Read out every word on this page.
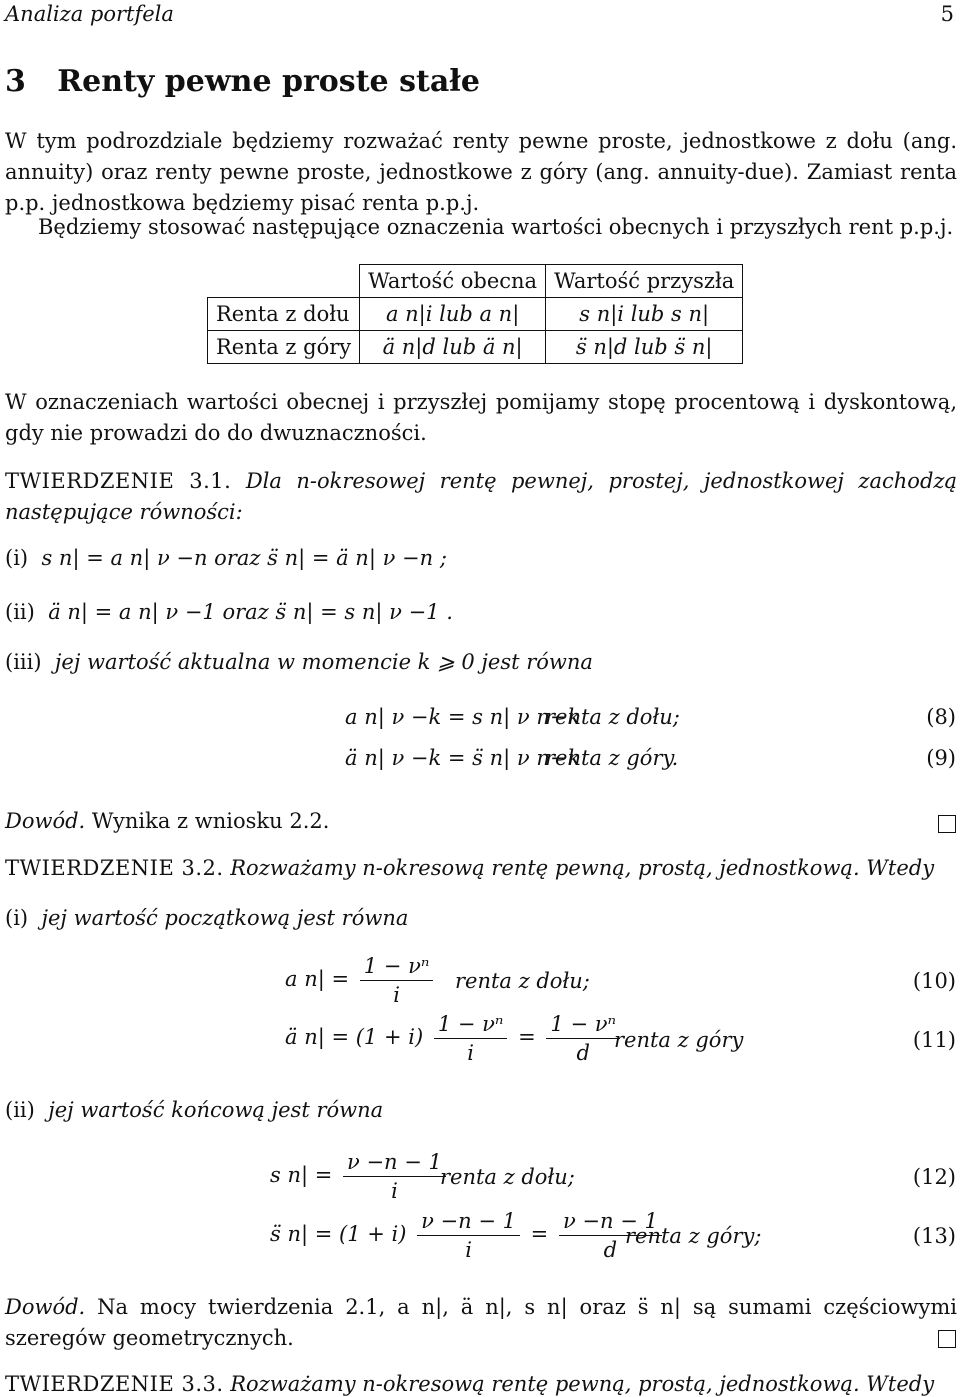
Analiza portfela	5
3 Renty pewne proste stałe
W tym podrozdziale będziemy rozważać renty pewne proste, jednostkowe z dołu (ang. annuity) oraz renty pewne proste, jednostkowe z góry (ang. annuity-due). Zamiast renta p.p. jednostkowa będziemy pisać renta p.p.j.
Będziemy stosować następujące oznaczenia wartości obecnych i przyszłych rent p.p.j.
	Wartość obecna	Wartość przyszła
Renta z dołu	a n|i lub a n|	s n|i lub s n|
Renta z góry	ä n|d lub ä n|	s̈ n|d lub s̈ n|
W oznaczeniach wartości obecnej i przyszłej pomijamy stopę procentową i dyskontową, gdy nie prowadzi do do dwuznaczności.
TWIERDZENIE 3.1. Dla n-okresowej rentę pewnej, prostej, jednostkowej zachodzą następujące równości:
(i) s n| = a n| ν −n oraz s̈ n| = ä n| ν −n ;
(ii) ä n| = a n| ν −1 oraz s̈ n| = s n| ν −1 .
(iii) jej wartość aktualna w momencie k ⩾ 0 jest równa
a n| ν −k = s n| ν n−k
renta z dołu;	(8)
ä n| ν −k = s̈ n| ν n−k
renta z góry.	(9)
Dowód. Wynika z wniosku 2.2.
TWIERDZENIE 3.2. Rozważamy n-okresową rentę pewną, prostą, jednostkową. Wtedy
(i) jej wartość początkową jest równa
a $n| = \frac{\text{1 − νⁿ}}{i}$ renta z dołu;	(10)
ä $n| = (1 + i) \frac{\text{1 − νⁿ}}{i} = \frac{\text{1 − νⁿ}}{d}$
renta z góry	(11)
(ii) jej wartość końcową jest równa
s $n| = \frac{\nu -n - 1}{i}$
renta z dołu;	(12)
s̈ $n| = (1 + i) \frac{\nu -n - 1}{i} = \frac{\nu -n - 1}{d}$
renta z góry;	(13)
Dowód. Na mocy twierdzenia 2.1, a n|, ä n|, s n| oraz s̈ n| są sumami częściowymi szeregów geometrycznych.
TWIERDZENIE 3.3. Rozważamy n-okresową rentę pewną, prostą, jednostkową. Wtedy
